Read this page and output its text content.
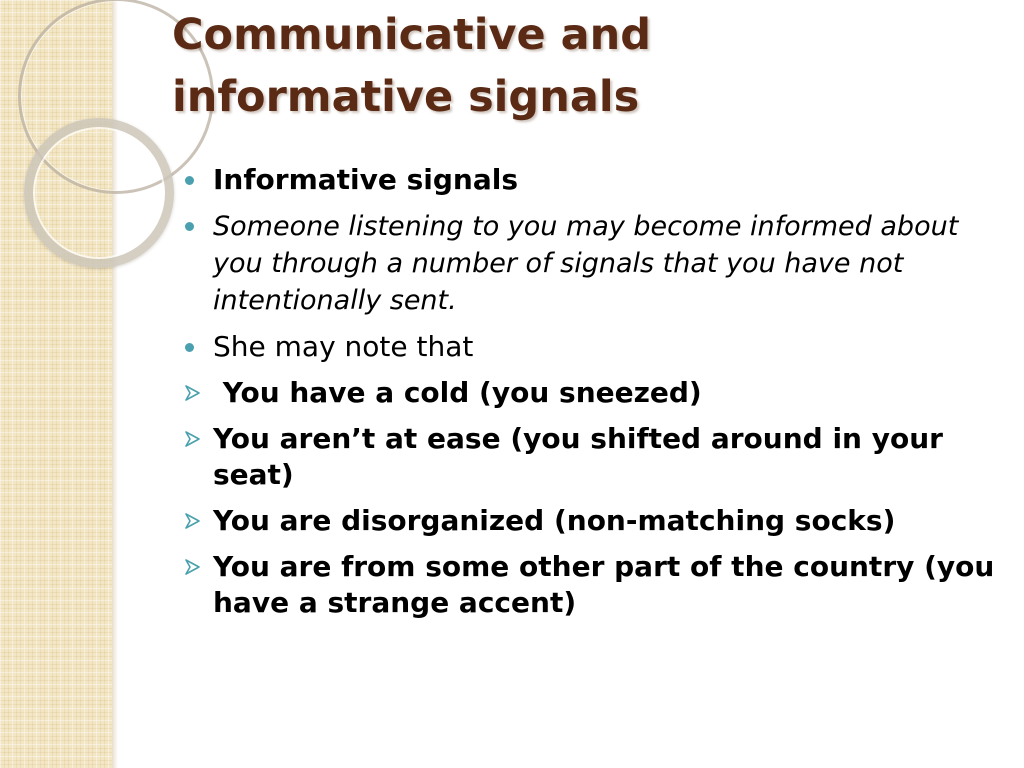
Communicative and
informative signals
Informative signals
Someone listening to you may become informed about you through a number of signals that you have not intentionally sent.
She may note that
You have a cold (you sneezed)
You aren’t at ease (you shifted around in your seat)
You are disorganized (non-matching socks)
You are from some other part of the country (you have a strange accent)
